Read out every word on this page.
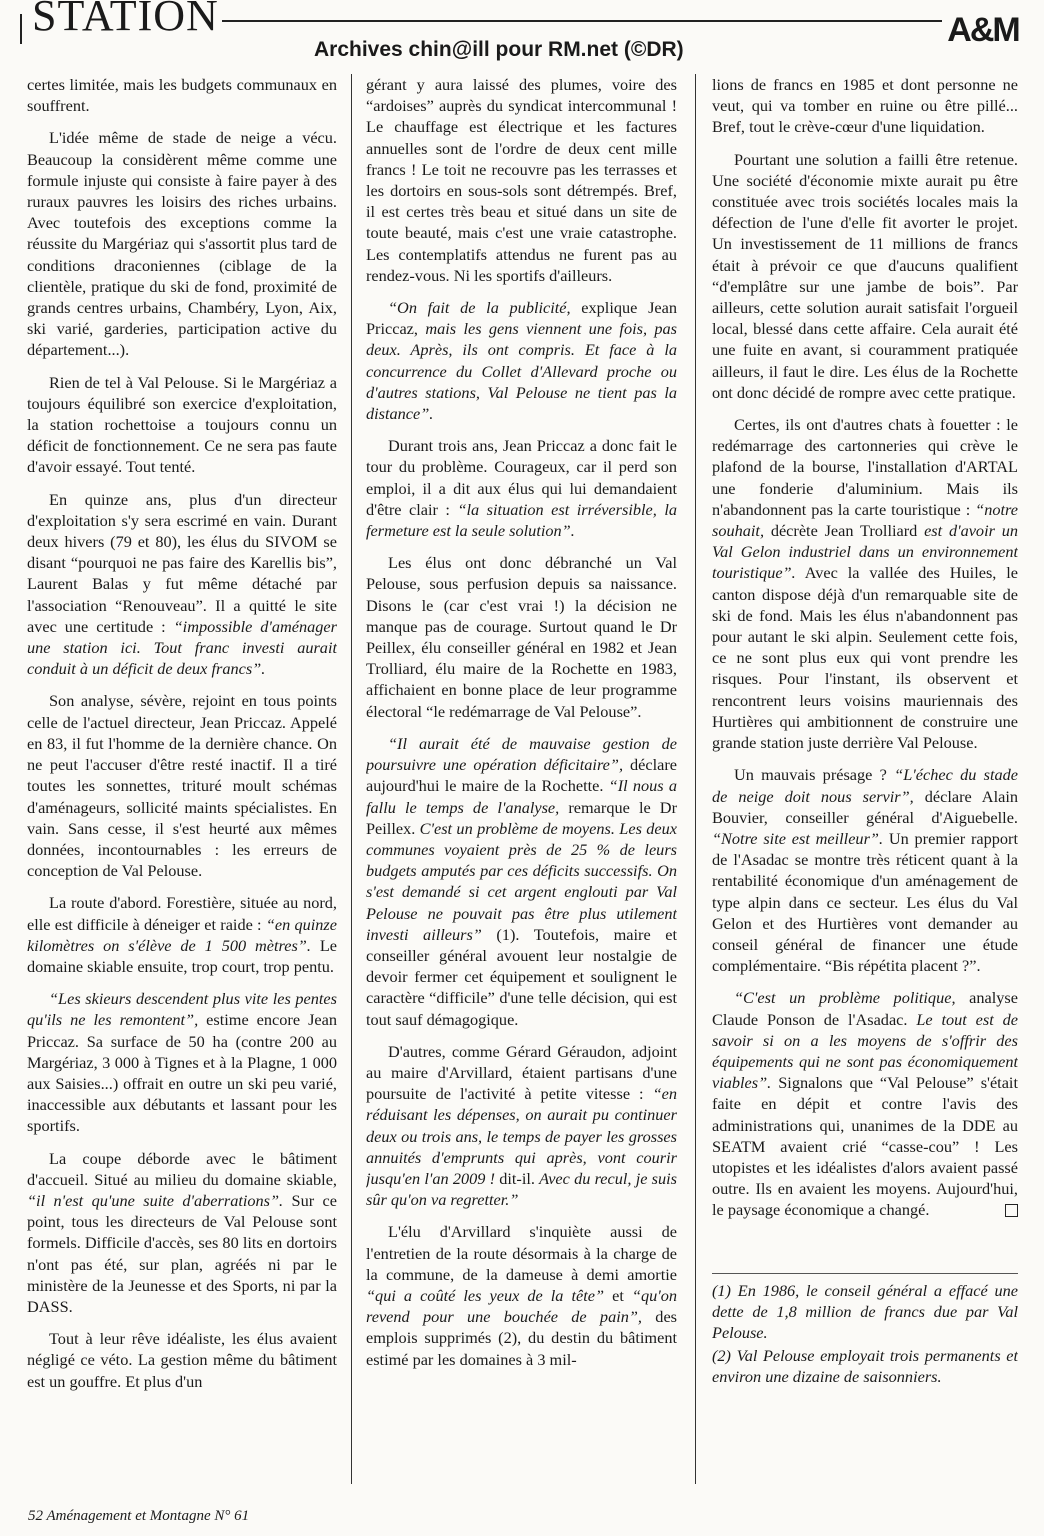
STATION
Archives chin@ill pour RM.net (©DR)
A&M

certes limitée, mais les budgets communaux en souffrent.

L'idée même de stade de neige a vécu. Beaucoup la considèrent même comme une formule injuste qui consiste à faire payer à des ruraux pauvres les loisirs des riches urbains. Avec toutefois des exceptions comme la réussite du Margériaz qui s'assortit plus tard de conditions draconiennes (ciblage de la clientèle, pratique du ski de fond, proximité de grands centres urbains, Chambéry, Lyon, Aix, ski varié, garderies, participation active du département...).

Rien de tel à Val Pelouse. Si le Margériaz a toujours équilibré son exercice d'exploitation, la station rochettoise a toujours connu un déficit de fonctionnement. Ce ne sera pas faute d'avoir essayé. Tout tenté.

En quinze ans, plus d'un directeur d'exploitation s'y sera escrimé en vain. Durant deux hivers (79 et 80), les élus du SIVOM se disant “pourquoi ne pas faire des Karellis bis”, Laurent Balas y fut même détaché par l'association “Renouveau”. Il a quitté le site avec une certitude : “impossible d'aménager une station ici. Tout franc investi aurait conduit à un déficit de deux francs”.

Son analyse, sévère, rejoint en tous points celle de l'actuel directeur, Jean Priccaz. Appelé en 83, il fut l'homme de la dernière chance. On ne peut l'accuser d'être resté inactif. Il a tiré toutes les sonnettes, trituré moult schémas d'aménageurs, sollicité maints spécialistes. En vain. Sans cesse, il s'est heurté aux mêmes données, incontournables : les erreurs de conception de Val Pelouse.

La route d'abord. Forestière, située au nord, elle est difficile à déneiger et raide : “en quinze kilomètres on s'élève de 1 500 mètres”. Le domaine skiable ensuite, trop court, trop pentu.

“Les skieurs descendent plus vite les pentes qu'ils ne les remontent”, estime encore Jean Priccaz. Sa surface de 50 ha (contre 200 au Margériaz, 3 000 à Tignes et à la Plagne, 1 000 aux Saisies...) offrait en outre un ski peu varié, inaccessible aux débutants et lassant pour les sportifs.

La coupe déborde avec le bâtiment d'accueil. Situé au milieu du domaine skiable, “il n'est qu'une suite d'aberrations”. Sur ce point, tous les directeurs de Val Pelouse sont formels. Difficile d'accès, ses 80 lits en dortoirs n'ont pas été, sur plan, agréés ni par le ministère de la Jeunesse et des Sports, ni par la DASS.

Tout à leur rêve idéaliste, les élus avaient négligé ce véto. La gestion même du bâtiment est un gouffre. Et plus d'un

gérant y aura laissé des plumes, voire des “ardoises” auprès du syndicat intercommunal ! Le chauffage est électrique et les factures annuelles sont de l'ordre de deux cent mille francs ! Le toit ne recouvre pas les terrasses et les dortoirs en sous-sols sont détrempés. Bref, il est certes très beau et situé dans un site de toute beauté, mais c'est une vraie catastrophe. Les contemplatifs attendus ne furent pas au rendez-vous. Ni les sportifs d'ailleurs.

“On fait de la publicité, explique Jean Priccaz, mais les gens viennent une fois, pas deux. Après, ils ont compris. Et face à la concurrence du Collet d'Allevard proche ou d'autres stations, Val Pelouse ne tient pas la distance”.

Durant trois ans, Jean Priccaz a donc fait le tour du problème. Courageux, car il perd son emploi, il a dit aux élus qui lui demandaient d'être clair : “la situation est irréversible, la fermeture est la seule solution”.

Les élus ont donc débranché un Val Pelouse, sous perfusion depuis sa naissance. Disons le (car c'est vrai !) la décision ne manque pas de courage. Surtout quand le Dr Peillex, élu conseiller général en 1982 et Jean Trolliard, élu maire de la Rochette en 1983, affichaient en bonne place de leur programme électoral “le redémarrage de Val Pelouse”.

“Il aurait été de mauvaise gestion de poursuivre une opération déficitaire”, déclare aujourd'hui le maire de la Rochette. “Il nous a fallu le temps de l'analyse, remarque le Dr Peillex. C'est un problème de moyens. Les deux communes voyaient près de 25 % de leurs budgets amputés par ces déficits successifs. On s'est demandé si cet argent englouti par Val Pelouse ne pouvait pas être plus utilement investi ailleurs” (1). Toutefois, maire et conseiller général avouent leur nostalgie de devoir fermer cet équipement et soulignent le caractère “difficile” d'une telle décision, qui est tout sauf démagogique.

D'autres, comme Gérard Géraudon, adjoint au maire d'Arvillard, étaient partisans d'une poursuite de l'activité à petite vitesse : “en réduisant les dépenses, on aurait pu continuer deux ou trois ans, le temps de payer les grosses annuités d'emprunts qui après, vont courir jusqu'en l'an 2009 ! dit-il. Avec du recul, je suis sûr qu'on va regretter.”

L'élu d'Arvillard s'inquiète aussi de l'entretien de la route désormais à la charge de la commune, de la dameuse à demi amortie “qui a coûté les yeux de la tête” et “qu'on revend pour une bouchée de pain”, des emplois supprimés (2), du destin du bâtiment estimé par les domaines à 3 mil-

lions de francs en 1985 et dont personne ne veut, qui va tomber en ruine ou être pillé... Bref, tout le crève-cœur d'une liquidation.

Pourtant une solution a failli être retenue. Une société d'économie mixte aurait pu être constituée avec trois sociétés locales mais la défection de l'une d'elle fit avorter le projet. Un investissement de 11 millions de francs était à prévoir ce que d'aucuns qualifient “d'emplâtre sur une jambe de bois”. Par ailleurs, cette solution aurait satisfait l'orgueil local, blessé dans cette affaire. Cela aurait été une fuite en avant, si couramment pratiquée ailleurs, il faut le dire. Les élus de la Rochette ont donc décidé de rompre avec cette pratique.

Certes, ils ont d'autres chats à fouetter : le redémarrage des cartonneries qui crève le plafond de la bourse, l'installation d'ARTAL une fonderie d'aluminium. Mais ils n'abandonnent pas la carte touristique : “notre souhait, décrète Jean Trolliard est d'avoir un Val Gelon industriel dans un environnement touristique”. Avec la vallée des Huiles, le canton dispose déjà d'un remarquable site de ski de fond. Mais les élus n'abandonnent pas pour autant le ski alpin. Seulement cette fois, ce ne sont plus eux qui vont prendre les risques. Pour l'instant, ils observent et rencontrent leurs voisins mauriennais des Hurtières qui ambitionnent de construire une grande station juste derrière Val Pelouse.

Un mauvais présage ? “L'échec du stade de neige doit nous servir”, déclare Alain Bouvier, conseiller général d'Aiguebelle. “Notre site est meilleur”. Un premier rapport de l'Asadac se montre très réticent quant à la rentabilité économique d'un aménagement de type alpin dans ce secteur. Les élus du Val Gelon et des Hurtières vont demander au conseil général de financer une étude complémentaire. “Bis répétita placent ?”.

“C'est un problème politique, analyse Claude Ponson de l'Asadac. Le tout est de savoir si on a les moyens de s'offrir des équipements qui ne sont pas économiquement viables”. Signalons que “Val Pelouse” s'était faite en dépit et contre l'avis des administrations qui, unanimes de la DDE au SEATM avaient crié “casse-cou” ! Les utopistes et les idéalistes d'alors avaient passé outre. Ils en avaient les moyens. Aujourd'hui, le paysage économique a changé.

(1) En 1986, le conseil général a effacé une dette de 1,8 million de francs due par Val Pelouse.

(2) Val Pelouse employait trois permanents et environ une dizaine de saisonniers.

52 Aménagement et Montagne N° 61
